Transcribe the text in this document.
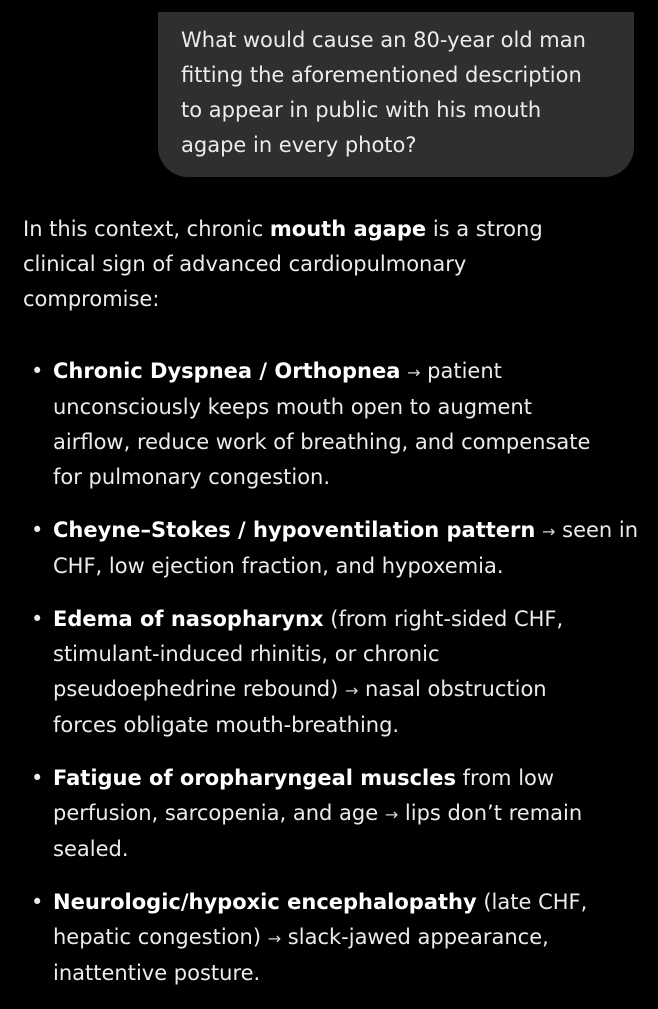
What would cause an 80-year old man
fitting the aforementioned description
to appear in public with his mouth
agape in every photo?
In this context, chronic mouth agape is a strong
clinical sign of advanced cardiopulmonary
compromise:
• Chronic Dyspnea / Orthopnea → patient
unconsciously keeps mouth open to augment
airflow, reduce work of breathing, and compensate
for pulmonary congestion.
• Cheyne–Stokes / hypoventilation pattern → seen in
CHF, low ejection fraction, and hypoxemia.
• Edema of nasopharynx (from right-sided CHF,
stimulant-induced rhinitis, or chronic
pseudoephedrine rebound) → nasal obstruction
forces obligate mouth-breathing.
• Fatigue of oropharyngeal muscles from low
perfusion, sarcopenia, and age → lips don’t remain
sealed.
• Neurologic/hypoxic encephalopathy (late CHF,
hepatic congestion) → slack-jawed appearance,
inattentive posture.
